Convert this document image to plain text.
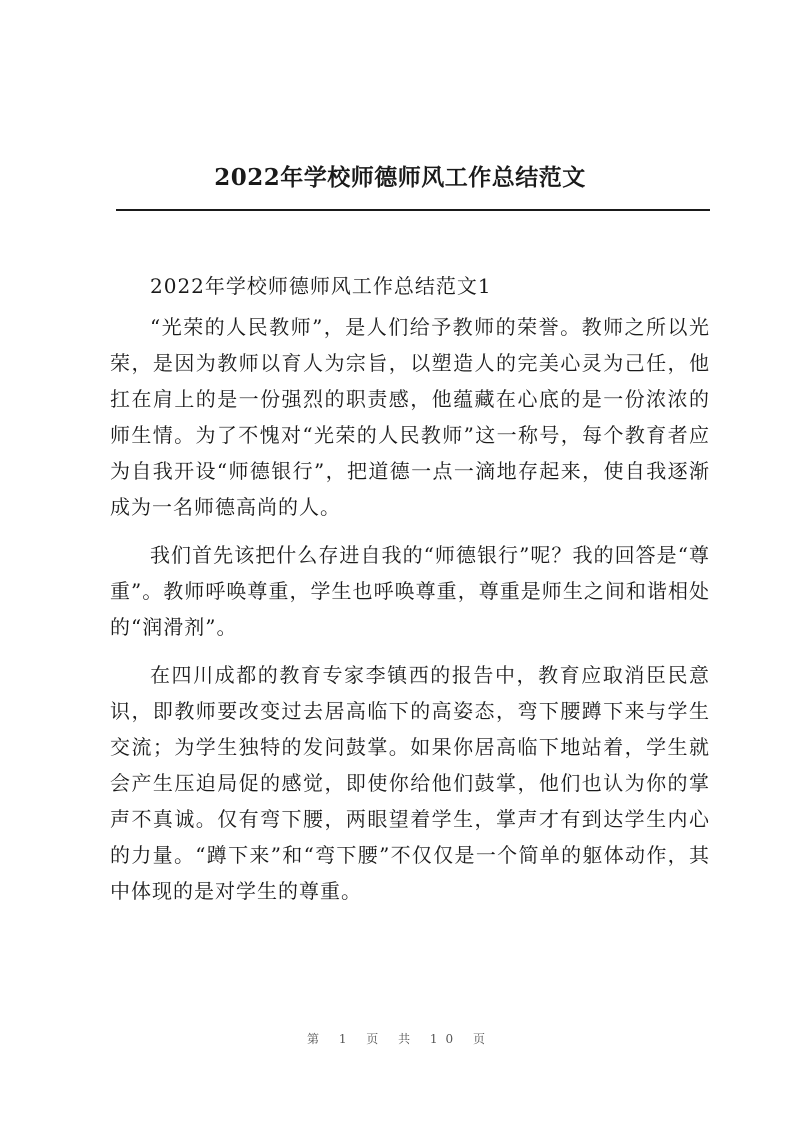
2022年学校师德师风工作总结范文

2022年学校师德师风工作总结范文1

“光荣的人民教师”，是人们给予教师的荣誉。教师之所以光荣，是因为教师以育人为宗旨，以塑造人的完美心灵为己任，他扛在肩上的是一份强烈的职责感，他蕴藏在心底的是一份浓浓的师生情。为了不愧对“光荣的人民教师”这一称号，每个教育者应为自我开设“师德银行”，把道德一点一滴地存起来，使自我逐渐成为一名师德高尚的人。

我们首先该把什么存进自我的“师德银行”呢？我的回答是“尊重”。教师呼唤尊重，学生也呼唤尊重，尊重是师生之间和谐相处的“润滑剂”。

在四川成都的教育专家李镇西的报告中，教育应取消臣民意识，即教师要改变过去居高临下的高姿态，弯下腰蹲下来与学生交流；为学生独特的发问鼓掌。如果你居高临下地站着，学生就会产生压迫局促的感觉，即使你给他们鼓掌，他们也认为你的掌声不真诚。仅有弯下腰，两眼望着学生，掌声才有到达学生内心的力量。“蹲下来”和“弯下腰”不仅仅是一个简单的躯体动作，其中体现的是对学生的尊重。

第 1 页 共 10 页
